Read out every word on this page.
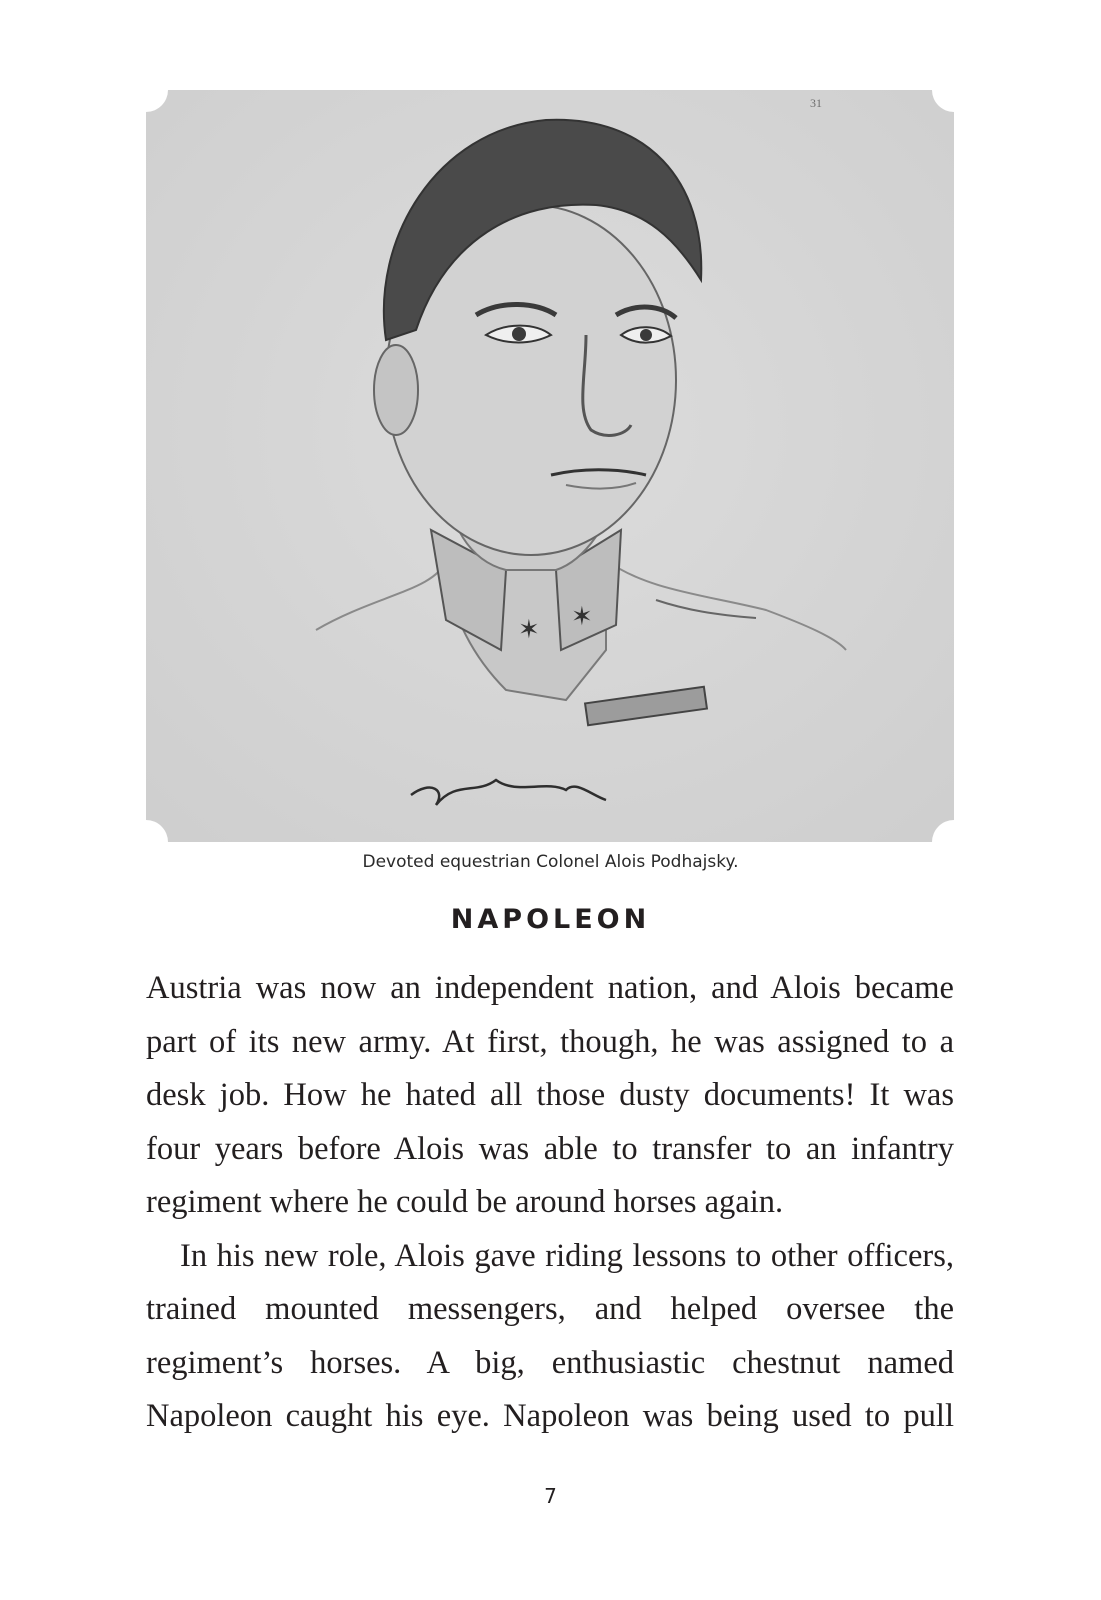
✶ ✶
31
Devoted equestrian Colonel Alois Podhajsky.
NAPOLEON

Austria was now an independent nation, and Alois became part of its new army. At first, though, he was assigned to a desk job. How he hated all those dusty documents! It was four years before Alois was able to transfer to an infantry regiment where he could be around horses again.

In his new role, Alois gave riding lessons to other officers, trained mounted messengers, and helped oversee the regiment’s horses. A big, enthusiastic chestnut named Napoleon caught his eye. Napoleon was being used to pull

7
